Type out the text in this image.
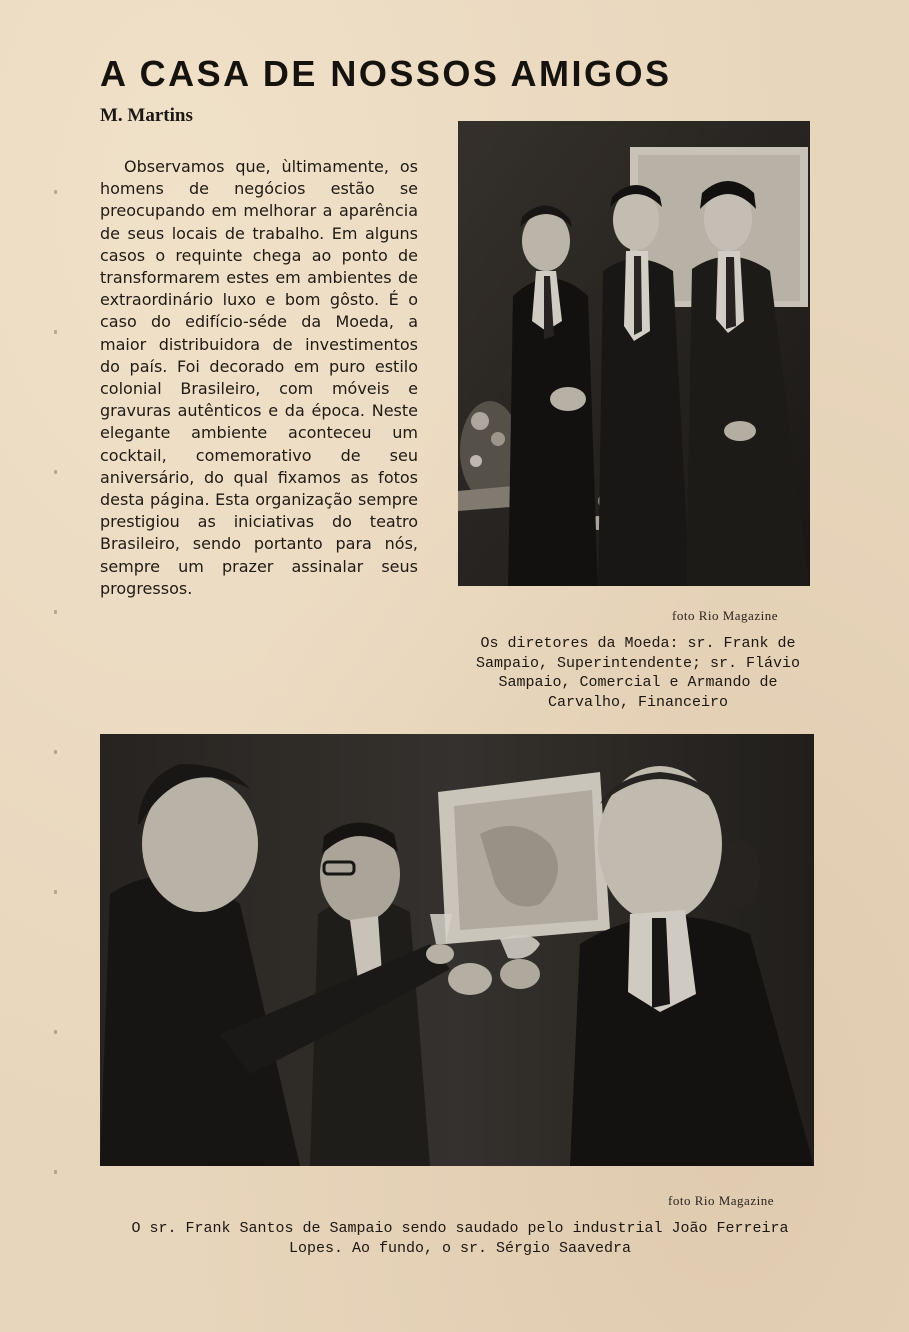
A CASA DE NOSSOS AMIGOS
M. Martins

Observamos que, ùltimamente, os homens de negócios estão se preocupando em melhorar a aparência de seus locais de trabalho. Em alguns casos o requinte chega ao ponto de transformarem estes em ambientes de extraordinário luxo e bom gôsto. É o caso do edifício-séde da Moeda, a maior distribuidora de investimentos do país. Foi decorado em puro estilo colonial Brasileiro, com móveis e gravuras autênticos e da época. Neste elegante ambiente aconteceu um cocktail, comemorativo de seu aniversário, do qual fixamos as fotos desta página. Esta organização sempre prestigiou as iniciativas do teatro Brasileiro, sendo portanto para nós, sempre um prazer assinalar seus progressos.

foto Rio Magazine

Os diretores da Moeda: sr. Frank de Sampaio, Superintendente; sr. Flávio Sampaio, Comercial e Armando de Carvalho, Financeiro

foto Rio Magazine

O sr. Frank Santos de Sampaio sendo saudado pelo industrial João Ferreira Lopes. Ao fundo, o sr. Sérgio Saavedra
